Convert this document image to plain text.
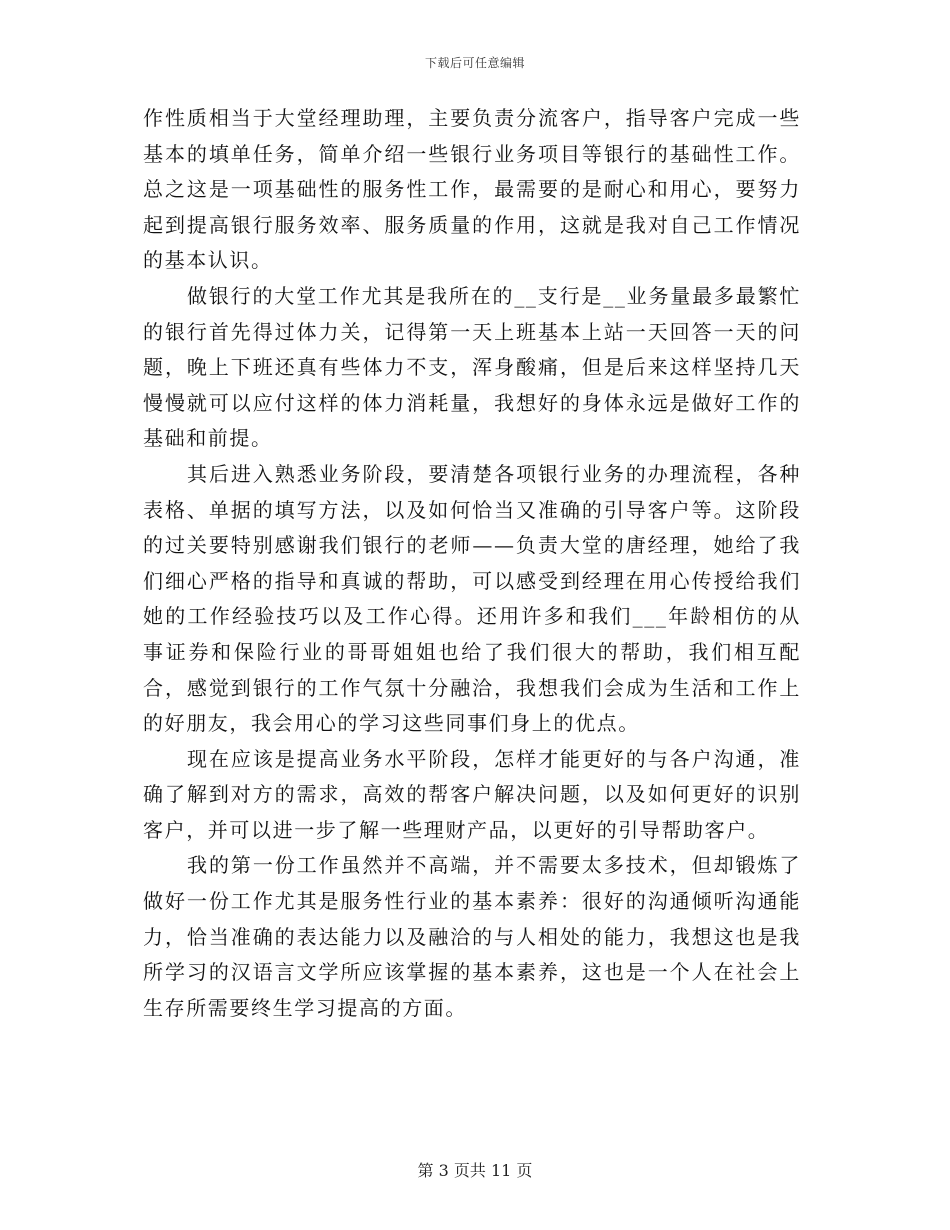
下载后可任意编辑

作性质相当于大堂经理助理，主要负责分流客户，指导客户完成一些基本的填单任务，简单介绍一些银行业务项目等银行的基础性工作。总之这是一项基础性的服务性工作，最需要的是耐心和用心，要努力起到提高银行服务效率、服务质量的作用，这就是我对自己工作情况的基本认识。

做银行的大堂工作尤其是我所在的__支行是__业务量最多最繁忙的银行首先得过体力关，记得第一天上班基本上站一天回答一天的问题，晚上下班还真有些体力不支，浑身酸痛，但是后来这样坚持几天慢慢就可以应付这样的体力消耗量，我想好的身体永远是做好工作的基础和前提。

其后进入熟悉业务阶段，要清楚各项银行业务的办理流程，各种表格、单据的填写方法，以及如何恰当又准确的引导客户等。这阶段的过关要特别感谢我们银行的老师——负责大堂的唐经理，她给了我们细心严格的指导和真诚的帮助，可以感受到经理在用心传授给我们她的工作经验技巧以及工作心得。还用许多和我们___年龄相仿的从事证券和保险行业的哥哥姐姐也给了我们很大的帮助，我们相互配合，感觉到银行的工作气氛十分融洽，我想我们会成为生活和工作上的好朋友，我会用心的学习这些同事们身上的优点。

现在应该是提高业务水平阶段，怎样才能更好的与各户沟通，准确了解到对方的需求，高效的帮客户解决问题，以及如何更好的识别客户，并可以进一步了解一些理财产品，以更好的引导帮助客户。

我的第一份工作虽然并不高端，并不需要太多技术，但却锻炼了做好一份工作尤其是服务性行业的基本素养：很好的沟通倾听沟通能力，恰当准确的表达能力以及融洽的与人相处的能力，我想这也是我所学习的汉语言文学所应该掌握的基本素养，这也是一个人在社会上生存所需要终生学习提高的方面。

第 3 页共 11 页
